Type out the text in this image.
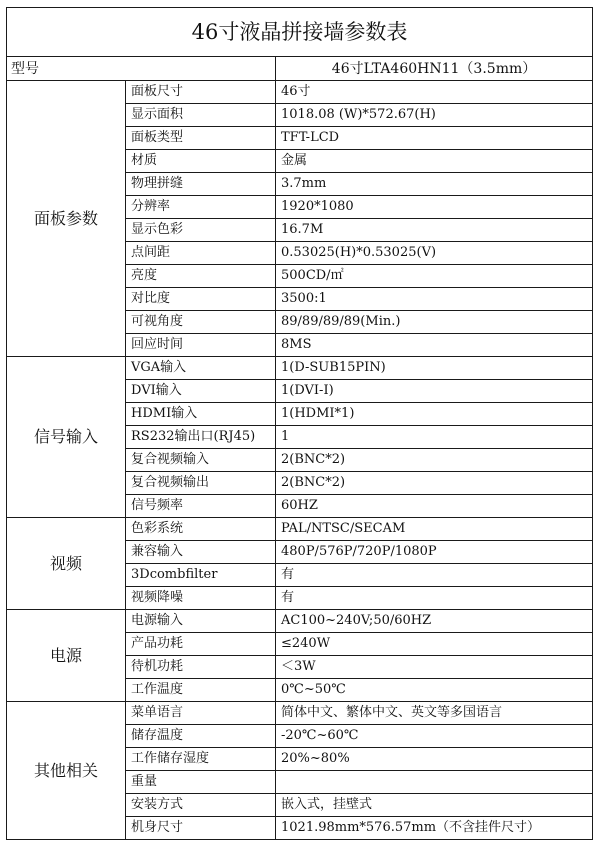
46寸液晶拼接墙参数表		
型号		46寸LTA460HN11（3.5mm）
面板参数	面板尺寸	46寸
	显示面积	1018.08 (W)*572.67(H)
	面板类型	TFT-LCD
	材质	金属
	物理拼缝	3.7mm
	分辨率	1920*1080
	显示色彩	16.7M
	点间距	0.53025(H)*0.53025(V)
	亮度	500CD/㎡
	对比度	3500:1
	可视角度	89/89/89/89(Min.)
	回应时间	8MS
信号输入	VGA输入	1(D-SUB15PIN)
	DVI输入	1(DVI-I)
	HDMI输入	1(HDMI*1)
	RS232输出口(RJ45)	1
	复合视频输入	2(BNC*2)
	复合视频输出	2(BNC*2)
	信号频率	60HZ
视频	色彩系统	PAL/NTSC/SECAM
	兼容输入	480P/576P/720P/1080P
	3Dcombfilter	有
	视频降噪	有
电源	电源输入	AC100~240V;50/60HZ
	产品功耗	≤240W
	待机功耗	＜3W
	工作温度	0℃~50℃
其他相关	菜单语言	简体中文、繁体中文、英文等多国语言
	储存温度	-20℃~60℃
	工作储存湿度	20%~80%
	重量	
	安装方式	嵌入式，挂壁式
	机身尺寸	1021.98mm*576.57mm（不含挂件尺寸）
